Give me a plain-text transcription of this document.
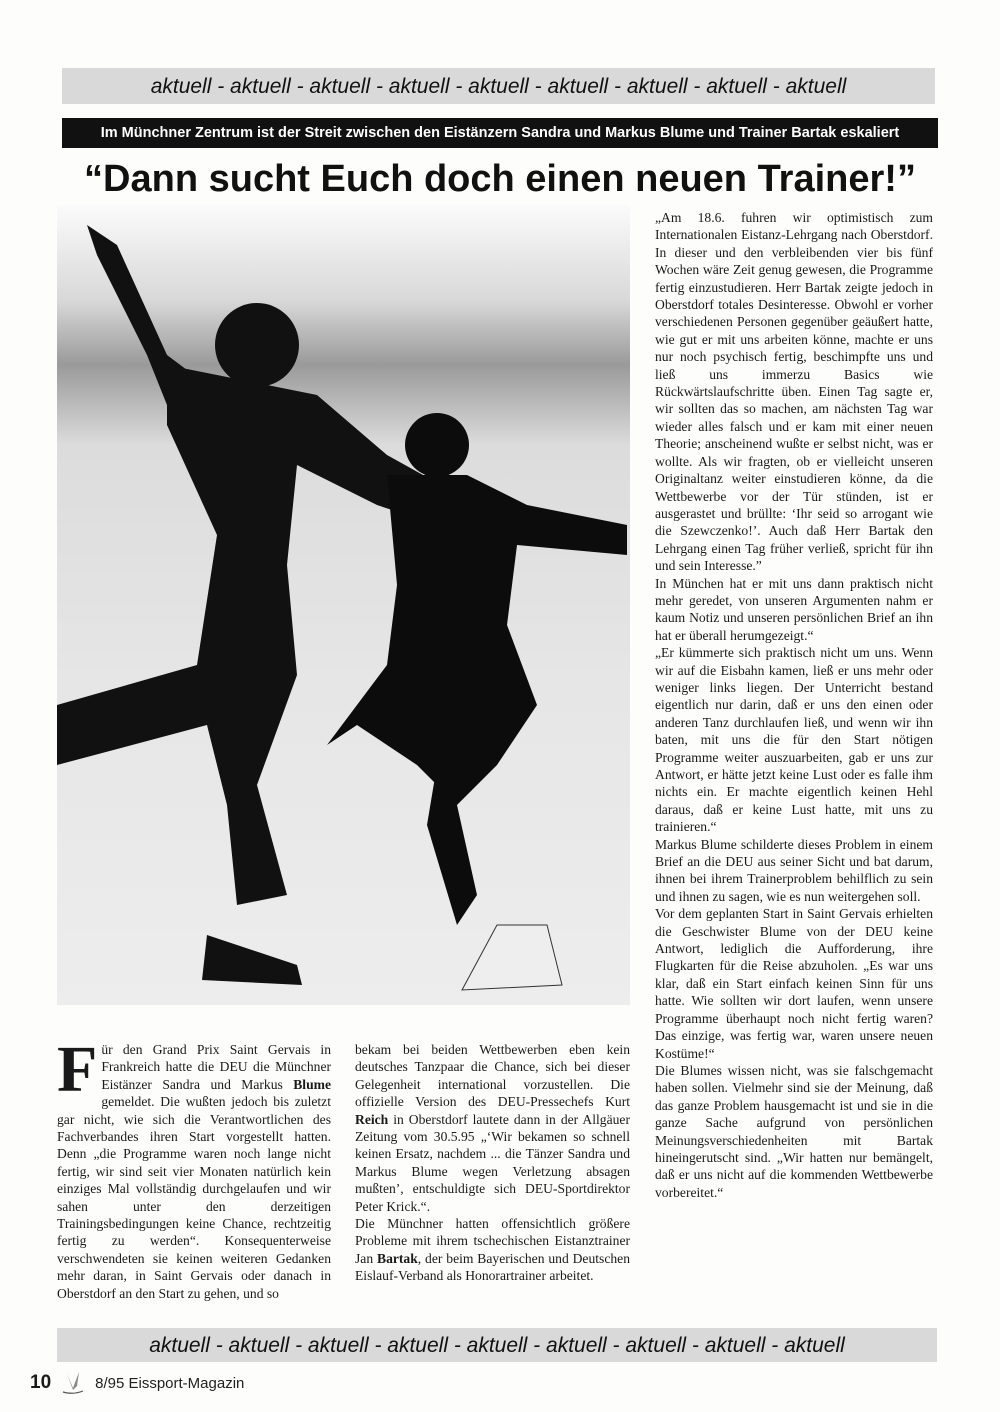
aktuell - aktuell - aktuell - aktuell - aktuell - aktuell - aktuell - aktuell - aktuell
Im Münchner Zentrum ist der Streit zwischen den Eistänzern Sandra und Markus Blume und Trainer Bartak eskaliert
“Dann sucht Euch doch einen neuen Trainer!”

„Am 18.6. fuhren wir optimistisch zum Internationalen Eistanz-Lehrgang nach Oberstdorf. In dieser und den verbleibenden vier bis fünf Wochen wäre Zeit genug gewesen, die Programme fertig einzustudieren. Herr Bartak zeigte jedoch in Oberstdorf totales Desinteresse. Obwohl er vorher verschiedenen Personen gegenüber geäußert hatte, wie gut er mit uns arbeiten könne, machte er uns nur noch psychisch fertig, beschimpfte uns und ließ uns immerzu Basics wie Rückwärtslaufschritte üben. Einen Tag sagte er, wir sollten das so machen, am nächsten Tag war wieder alles falsch und er kam mit einer neuen Theorie; anscheinend wußte er selbst nicht, was er wollte. Als wir fragten, ob er vielleicht unseren Originaltanz weiter einstudieren könne, da die Wettbewerbe vor der Tür stünden, ist er ausgerastet und brüllte: ‘Ihr seid so arrogant wie die Szewczenko!’. Auch daß Herr Bartak den Lehrgang einen Tag früher verließ, spricht für ihn und sein Interesse.”

In München hat er mit uns dann praktisch nicht mehr geredet, von unseren Argumenten nahm er kaum Notiz und unseren persönlichen Brief an ihn hat er überall herumgezeigt.“

„Er kümmerte sich praktisch nicht um uns. Wenn wir auf die Eisbahn kamen, ließ er uns mehr oder weniger links liegen. Der Unterricht bestand eigentlich nur darin, daß er uns den einen oder anderen Tanz durchlaufen ließ, und wenn wir ihn baten, mit uns die für den Start nötigen Programme weiter auszuarbeiten, gab er uns zur Antwort, er hätte jetzt keine Lust oder es falle ihm nichts ein. Er machte eigentlich keinen Hehl daraus, daß er keine Lust hatte, mit uns zu trainieren.“

Markus Blume schilderte dieses Problem in einem Brief an die DEU aus seiner Sicht und bat darum, ihnen bei ihrem Trainerproblem behilflich zu sein und ihnen zu sagen, wie es nun weitergehen soll.

Vor dem geplanten Start in Saint Gervais erhielten die Geschwister Blume von der DEU keine Antwort, lediglich die Aufforderung, ihre Flugkarten für die Reise abzuholen. „Es war uns klar, daß ein Start einfach keinen Sinn für uns hatte. Wie sollten wir dort laufen, wenn unsere Programme überhaupt noch nicht fertig waren? Das einzige, was fertig war, waren unsere neuen Kostüme!“

Die Blumes wissen nicht, was sie falschgemacht haben sollen. Vielmehr sind sie der Meinung, daß das ganze Problem hausgemacht ist und sie in die ganze Sache aufgrund von persönlichen Meinungsverschiedenheiten mit Bartak hineingerutscht sind. „Wir hatten nur bemängelt, daß er uns nicht auf die kommenden Wettbewerbe vorbereitet.“

Für den Grand Prix Saint Gervais in Frankreich hatte die DEU die Münchner Eistänzer Sandra und Markus Blume gemeldet. Die wußten jedoch bis zuletzt gar nicht, wie sich die Verantwortlichen des Fachverbandes ihren Start vorgestellt hatten. Denn „die Programme waren noch lange nicht fertig, wir sind seit vier Monaten natürlich kein einziges Mal vollständig durchgelaufen und wir sahen unter den derzeitigen Trainingsbedingungen keine Chance, rechtzeitig fertig zu werden“. Konsequenterweise verschwendeten sie keinen weiteren Gedanken mehr daran, in Saint Gervais oder danach in Oberstdorf an den Start zu gehen, und so

bekam bei beiden Wettbewerben eben kein deutsches Tanzpaar die Chance, sich bei dieser Gelegenheit international vorzustellen. Die offizielle Version des DEU-Pressechefs Kurt Reich in Oberstdorf lautete dann in der Allgäuer Zeitung vom 30.5.95 „‘Wir bekamen so schnell keinen Ersatz, nachdem ... die Tänzer Sandra und Markus Blume wegen Verletzung absagen mußten’, entschuldigte sich DEU-Sportdirektor Peter Krick.“.

Die Münchner hatten offensichtlich größere Probleme mit ihrem tschechischen Eistanztrainer Jan Bartak, der beim Bayerischen und Deutschen Eislauf-Verband als Honorartrainer arbeitet.

aktuell - aktuell - aktuell - aktuell - aktuell - aktuell - aktuell - aktuell - aktuell
10	8/95 Eissport-Magazin
